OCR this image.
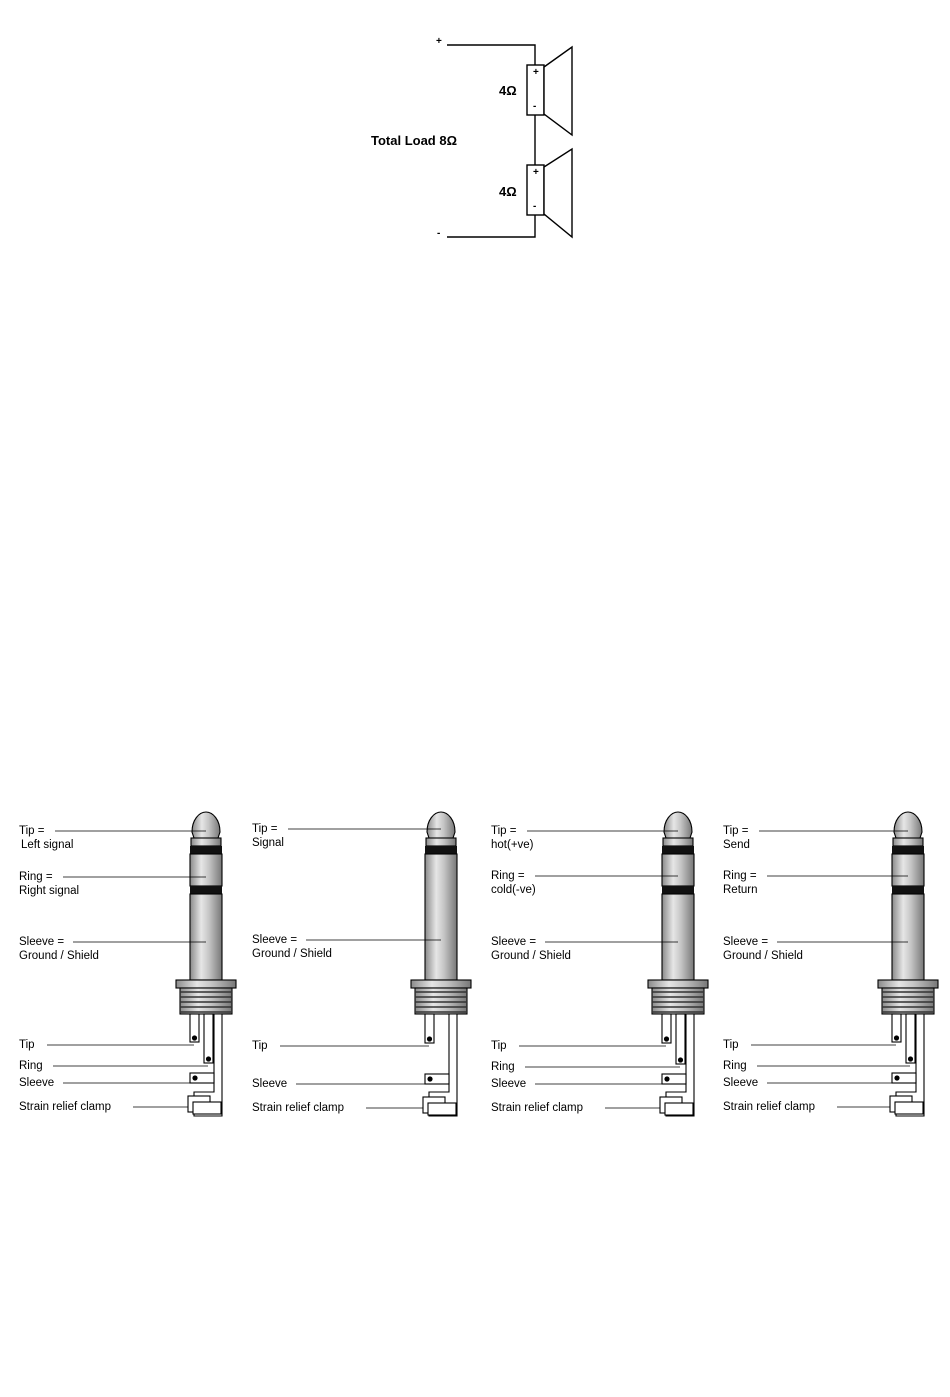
+
-
Total Load 8Ω
4Ω
+
-
4Ω
+
-
Tip =
Left signal
Ring =
Right signal
Sleeve =
Ground / Shield
Tip
Ring
Sleeve
Strain relief clamp
Tip =
Signal
Sleeve =
Ground / Shield
Tip
Sleeve
Strain relief clamp
Tip =
hot(+ve)
Ring =
cold(-ve)
Sleeve =
Ground / Shield
Tip
Ring
Sleeve
Strain relief clamp
Tip =
Send
Ring =
Return
Sleeve =
Ground / Shield
Tip
Ring
Sleeve
Strain relief clamp
